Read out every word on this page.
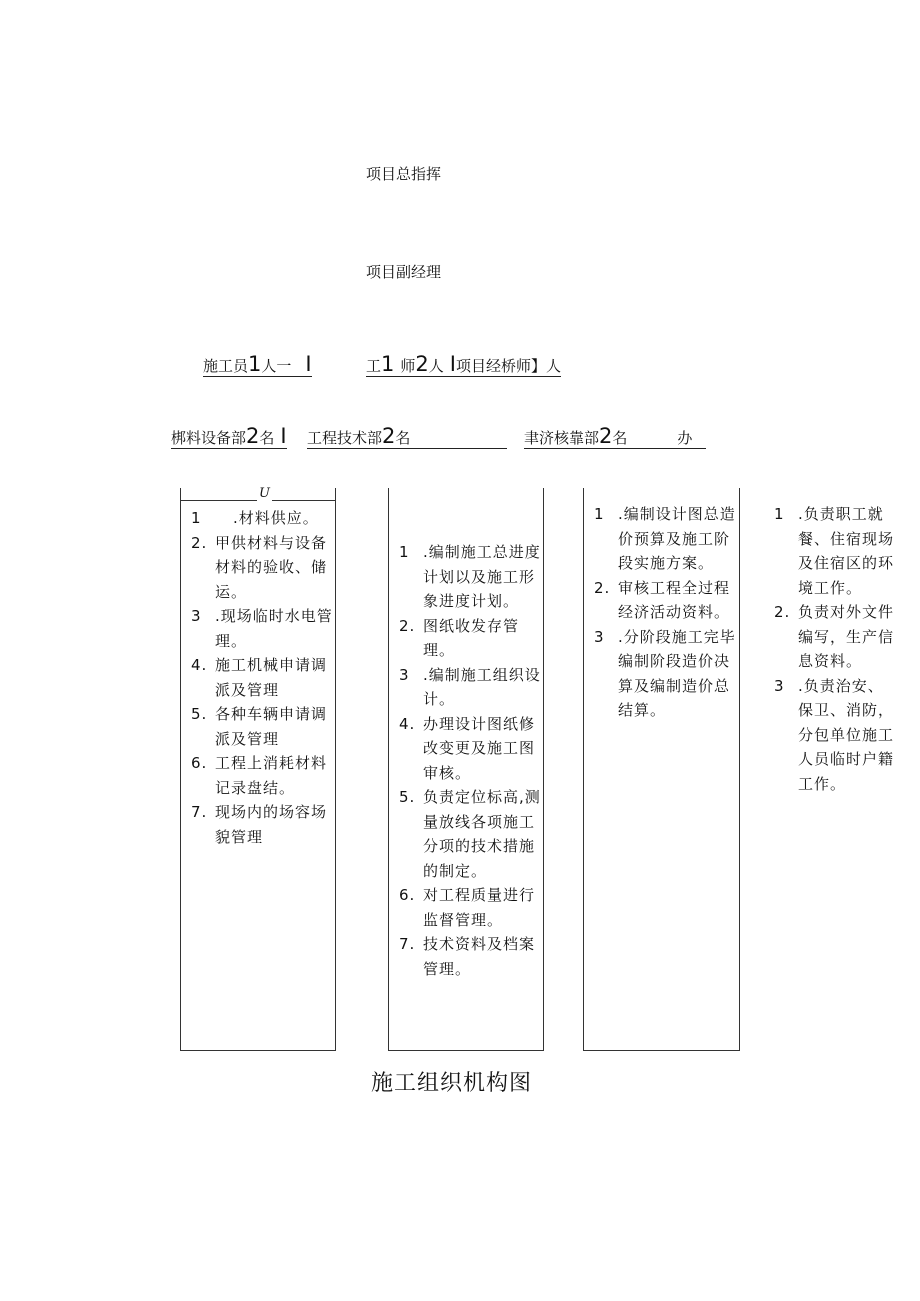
项目总指挥
项目副经理
施工员1人一 I	工1 师2人 I项目经桥师】人
梆料设备部2名 I 工程技术部2名	聿济核靠部2名	办
U
1 .材料供应。
2. 甲供材料与设备材料的验收、储运。
3 .现场临时水电管理。
4. 施工机械申请调派及管理
5. 各种车辆申请调派及管理
6. 工程上消耗材料记录盘结。
7. 现场内的场容场貌管理
1 .编制施工总进度计划以及施工形象进度计划。
2. 图纸收发存管理。
3 .编制施工组织设计。
4. 办理设计图纸修改变更及施工图审核。
5. 负责定位标高,测量放线各项施工分项的技术措施的制定。
6. 对工程质量进行监督管理。
7. 技术资料及档案管理。
1 .编制设计图总造价预算及施工阶段实施方案。
2. 审核工程全过程经济活动资料。
3 .分阶段施工完毕编制阶段造价决算及编制造价总结算。
1 .负责职工就餐、住宿现场及住宿区的环境工作。
2. 负责对外文件编写，生产信息资料。
3 .负责治安、保卫、消防，分包单位施工人员临时户籍工作。
施工组织机构图
